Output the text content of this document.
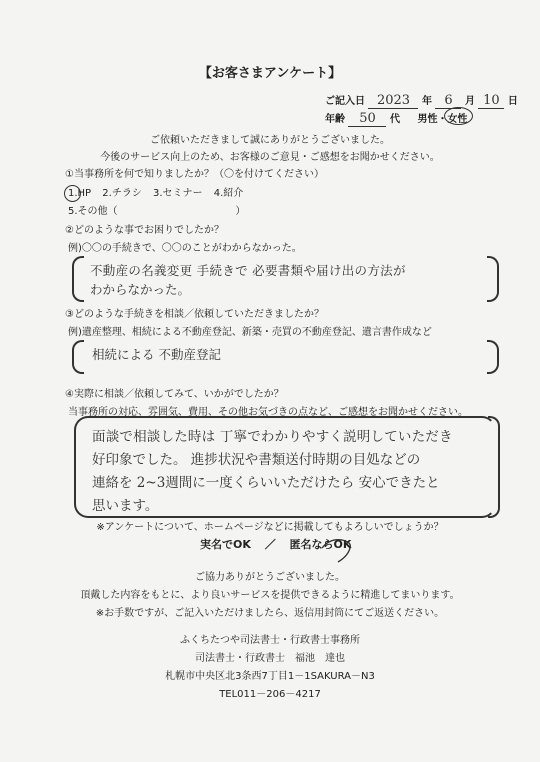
【お客さまアンケート】
ご記入日 2023 年 6 月 10 日
年齢 50 代 男性・女性
ご依頼いただきまして誠にありがとうございました。
今後のサービス向上のため、お客様のご意見・ご感想をお聞かせください。
①当事務所を何で知りましたか？（〇を付けてください）
1.HP 2.チラシ 3.セミナー 4.紹介
5.その他（	）
②どのような事でお困りでしたか？
例)〇〇の手続きで、〇〇のことがわからなかった。
不動産の名義変更 手続きで 必要書類や届け出の方法が
わからなかった。
③どのような手続きを相談／依頼していただきましたか？
例)遺産整理、相続による不動産登記、新築・売買の不動産登記、遺言書作成など
相続による 不動産登記
④実際に相談／依頼してみて、いかがでしたか？
当事務所の対応、雰囲気、費用、その他お気づきの点など、ご感想をお聞かせください。
面談で相談した時は 丁寧でわかりやすく説明していただき
好印象でした。 進捗状況や書類送付時期の目処などの
連絡を 2~3週間に一度くらいいただけたら 安心できたと
思います。
※アンケートについて、ホームページなどに掲載してもよろしいでしょうか？
実名でOK ／ 匿名ならOK
ご協力ありがとうございました。
頂戴した内容をもとに、より良いサービスを提供できるように精進してまいります。
※お手数ですが、ご記入いただけましたら、返信用封筒にてご返送ください。
ふくちたつや司法書士・行政書士事務所
司法書士・行政書士　福池　達也
札幌市中央区北3条西7丁目1－1SAKURA－N3
TEL011－206－4217
